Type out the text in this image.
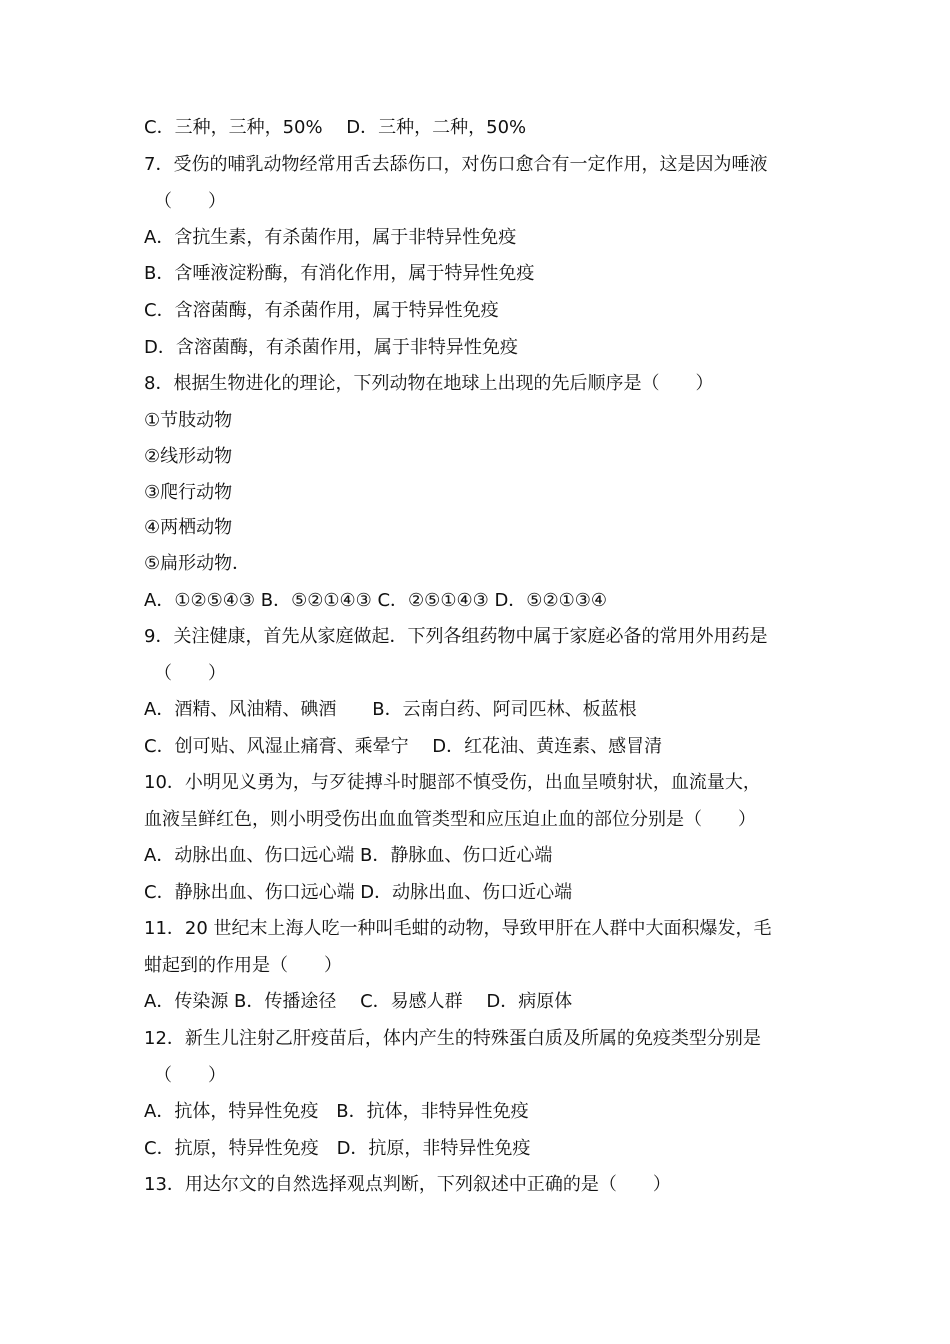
C．三种，三种，50%　 D．三种，二种，50%
7．受伤的哺乳动物经常用舌去舔伤口，对伤口愈合有一定作用，这是因为唾液
（　　）
A．含抗生素，有杀菌作用，属于非特异性免疫
B．含唾液淀粉酶，有消化作用，属于特异性免疫
C．含溶菌酶，有杀菌作用，属于特异性免疫
D．含溶菌酶，有杀菌作用，属于非特异性免疫
8．根据生物进化的理论，下列动物在地球上出现的先后顺序是（　　）
①节肢动物
②线形动物
③爬行动物
④两栖动物
⑤扁形动物．
A．①②⑤④③ B．⑤②①④③ C．②⑤①④③ D．⑤②①③④
9．关注健康，首先从家庭做起．下列各组药物中属于家庭必备的常用外用药是
（　　）
A．酒精、风油精、碘酒　　B．云南白药、阿司匹林、板蓝根
C．创可贴、风湿止痛膏、乘晕宁　 D．红花油、黄连素、感冒清
10．小明见义勇为，与歹徒搏斗时腿部不慎受伤，出血呈喷射状，血流量大，
血液呈鲜红色，则小明受伤出血血管类型和应压迫止血的部位分别是（　　）
A．动脉出血、伤口远心端 B．静脉血、伤口近心端
C．静脉出血、伤口远心端 D．动脉出血、伤口近心端
11．20 世纪末上海人吃一种叫毛蚶的动物，导致甲肝在人群中大面积爆发，毛
蚶起到的作用是（　　）
A．传染源 B．传播途径　 C．易感人群　 D．病原体
12．新生儿注射乙肝疫苗后，体内产生的特殊蛋白质及所属的免疫类型分别是
（　　）
A．抗体，特异性免疫　B．抗体，非特异性免疫
C．抗原，特异性免疫　D．抗原，非特异性免疫
13．用达尔文的自然选择观点判断，下列叙述中正确的是（　　）
